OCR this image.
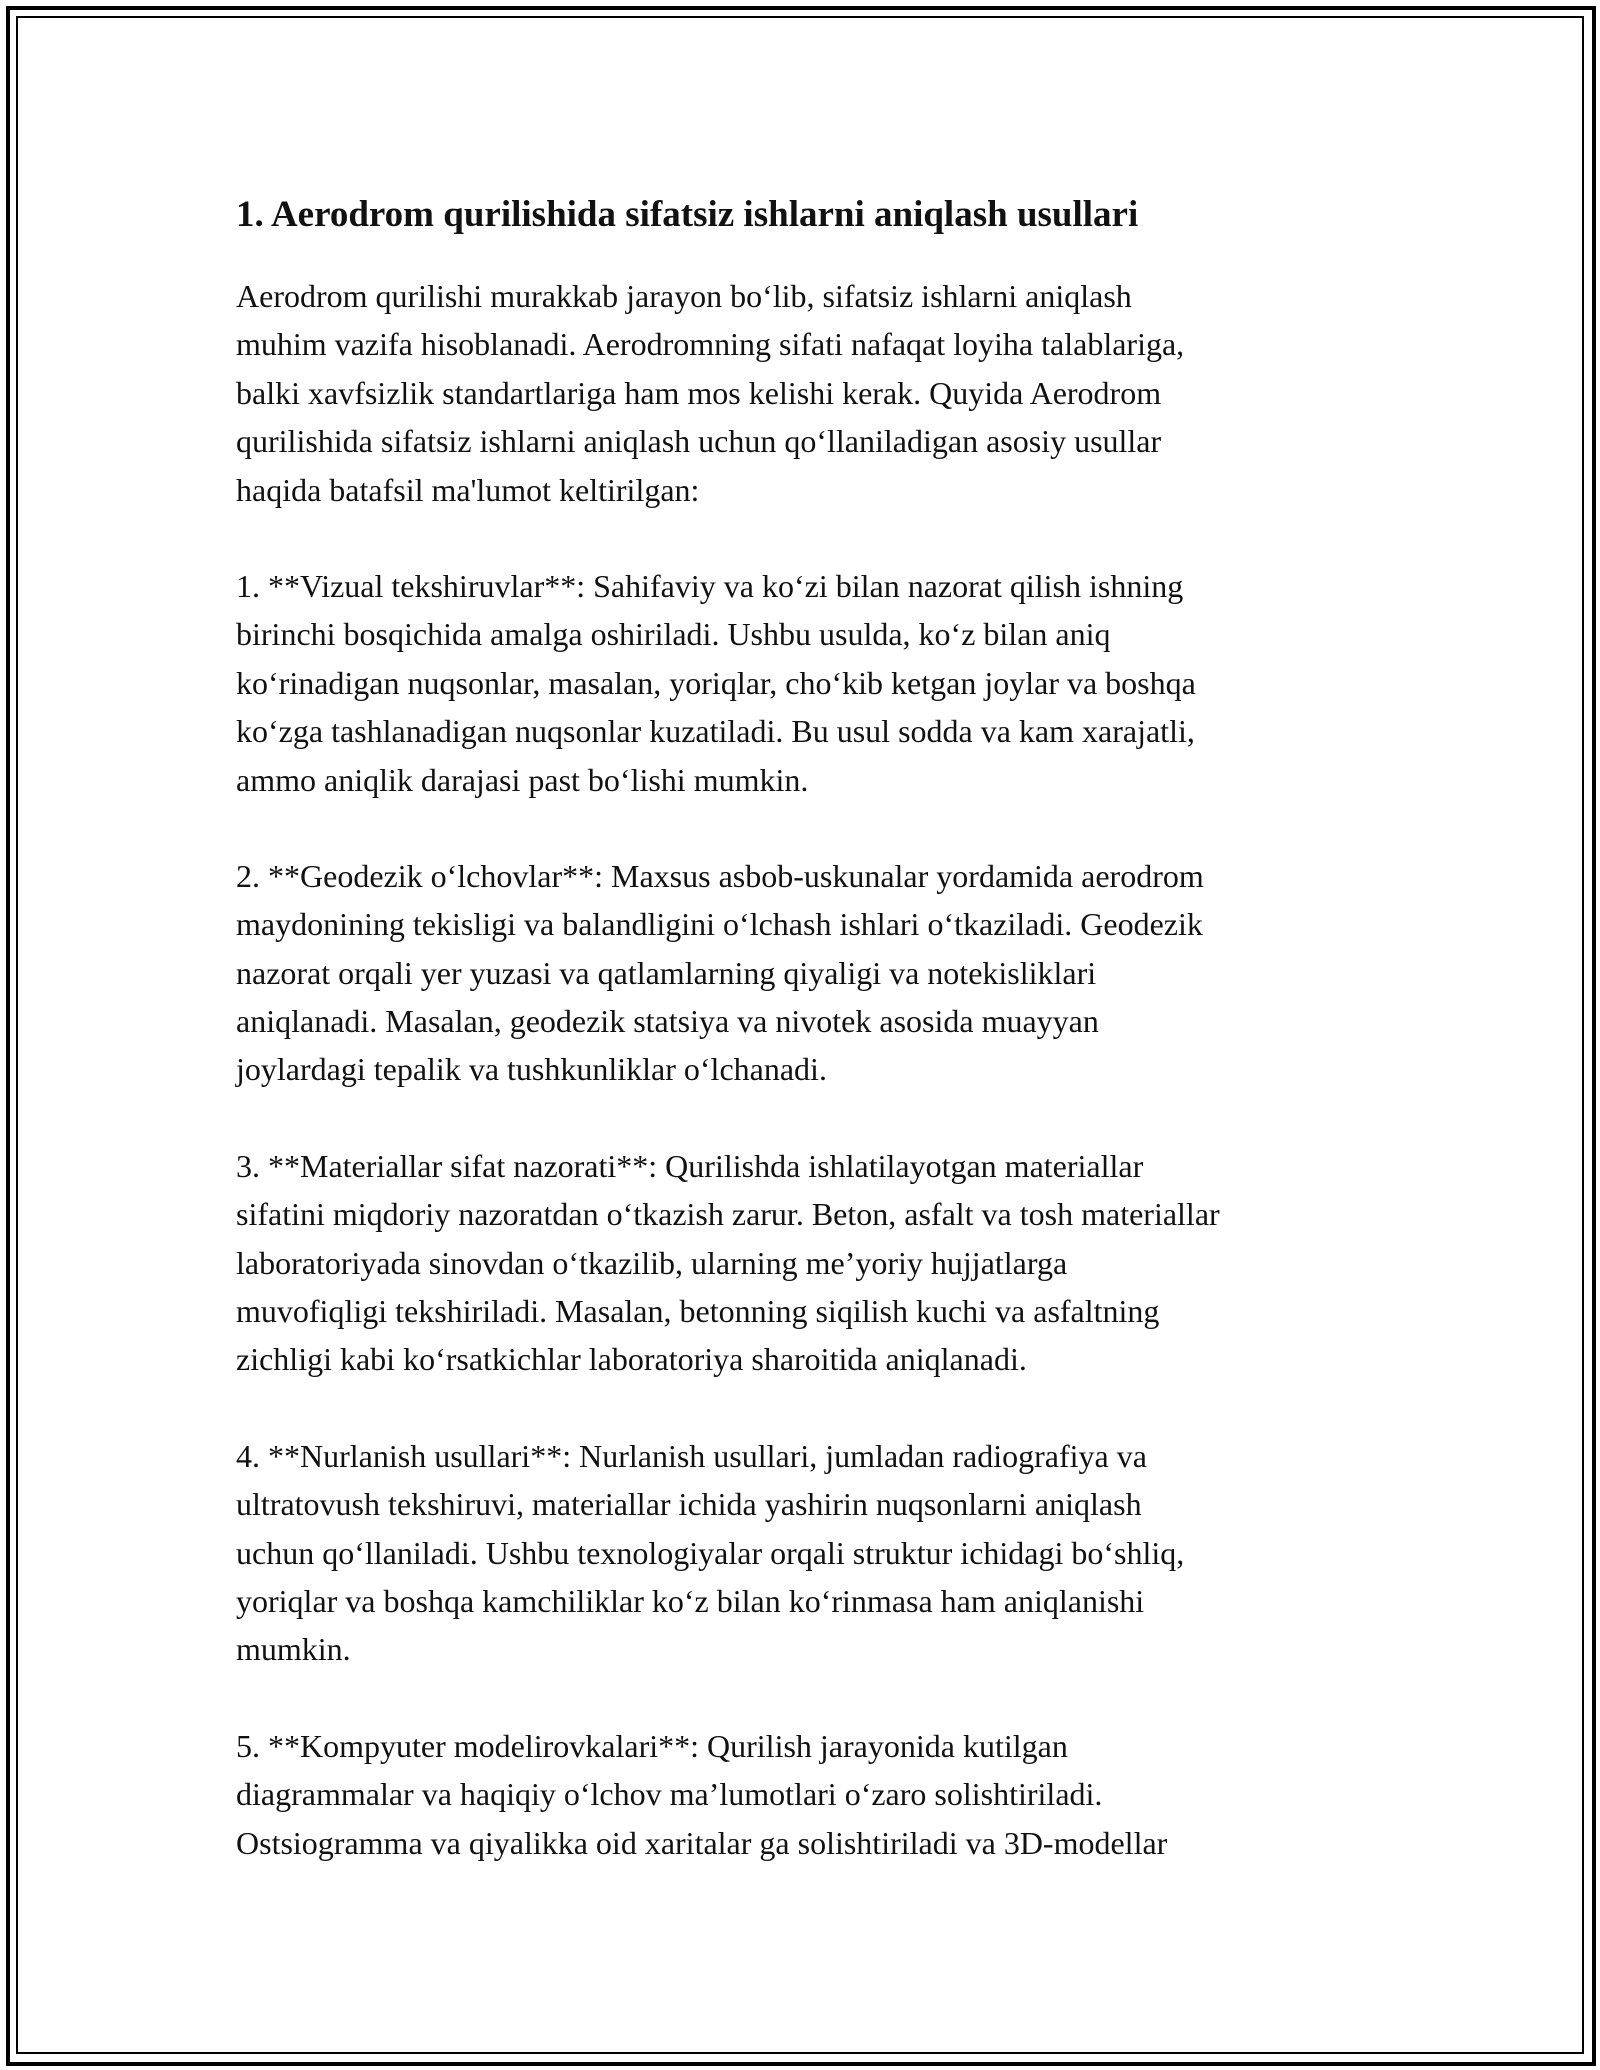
1. Aerodrom qurilishida sifatsiz ishlarni aniqlash usullari

Aerodrom qurilishi murakkab jarayon boʻlib, sifatsiz ishlarni aniqlash
muhim vazifa hisoblanadi. Aerodromning sifati nafaqat loyiha talablariga,
balki xavfsizlik standartlariga ham mos kelishi kerak. Quyida Aerodrom
qurilishida sifatsiz ishlarni aniqlash uchun qoʻllaniladigan asosiy usullar
haqida batafsil ma'lumot keltirilgan:

1. **Vizual tekshiruvlar**: Sahifaviy va koʻzi bilan nazorat qilish ishning
birinchi bosqichida amalga oshiriladi. Ushbu usulda, koʻz bilan aniq
koʻrinadigan nuqsonlar, masalan, yoriqlar, choʻkib ketgan joylar va boshqa
koʻzga tashlanadigan nuqsonlar kuzatiladi. Bu usul sodda va kam xarajatli,
ammo aniqlik darajasi past boʻlishi mumkin.

2. **Geodezik oʻlchovlar**: Maxsus asbob-uskunalar yordamida aerodrom
maydonining tekisligi va balandligini oʻlchash ishlari oʻtkaziladi. Geodezik
nazorat orqali yer yuzasi va qatlamlarning qiyaligi va notekisliklari
aniqlanadi. Masalan, geodezik statsiya va nivotek asosida muayyan
joylardagi tepalik va tushkunliklar oʻlchanadi.

3. **Materiallar sifat nazorati**: Qurilishda ishlatilayotgan materiallar
sifatini miqdoriy nazoratdan oʻtkazish zarur. Beton, asfalt va tosh materiallar
laboratoriyada sinovdan oʻtkazilib, ularning me’yoriy hujjatlarga
muvofiqligi tekshiriladi. Masalan, betonning siqilish kuchi va asfaltning
zichligi kabi koʻrsatkichlar laboratoriya sharoitida aniqlanadi.

4. **Nurlanish usullari**: Nurlanish usullari, jumladan radiografiya va
ultratovush tekshiruvi, materiallar ichida yashirin nuqsonlarni aniqlash
uchun qoʻllaniladi. Ushbu texnologiyalar orqali struktur ichidagi boʻshliq,
yoriqlar va boshqa kamchiliklar koʻz bilan koʻrinmasa ham aniqlanishi
mumkin.

5. **Kompyuter modelirovkalari**: Qurilish jarayonida kutilgan
diagrammalar va haqiqiy oʻlchov ma’lumotlari oʻzaro solishtiriladi.
Ostsiogramma va qiyalikka oid xaritalar ga solishtiriladi va 3D-modellar
